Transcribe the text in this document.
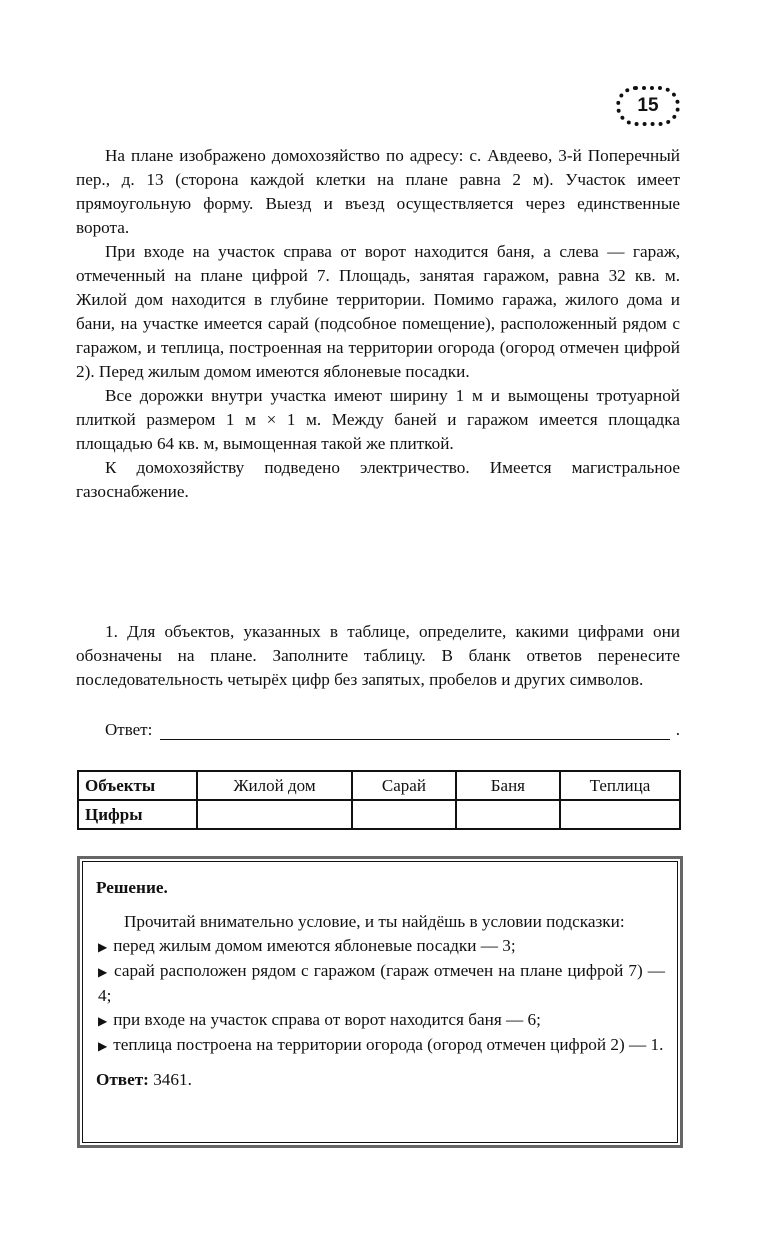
15

На плане изображено домохозяйство по адресу: с. Авдеево, 3-й Поперечный пер., д. 13 (сторона каждой клетки на плане равна 2 м). Участок имеет прямоугольную форму. Выезд и въезд осуществляется через единственные ворота.

При входе на участок справа от ворот находится баня, а слева — гараж, отмеченный на плане цифрой 7. Площадь, занятая гаражом, равна 32 кв. м. Жилой дом находится в глубине территории. Помимо гаража, жилого дома и бани, на участке имеется сарай (подсобное помещение), расположенный рядом с гаражом, и теплица, построенная на территории огорода (огород отмечен цифрой 2). Перед жилым домом имеются яблоневые посадки.

Все дорожки внутри участка имеют ширину 1 м и вымощены тротуарной плиткой размером 1 м × 1 м. Между баней и гаражом имеется площадка площадью 64 кв. м, вымощенная такой же плиткой.

К домохозяйству подведено электричество. Имеется магистральное газоснабжение.

1. Для объектов, указанных в таблице, определите, какими цифрами они обозначены на плане. Заполните таблицу. В бланк ответов перенесите последовательность четырёх цифр без запятых, пробелов и других символов.

Ответ:	.
Объекты	Жилой дом	Сарай	Баня	Теплица
Цифры				
Решение.

Прочитай внимательно условие, и ты найдёшь в условии подсказки:

▶ перед жилым домом имеются яблоневые посадки — 3;

▶ сарай расположен рядом с гаражом (гараж отмечен на плане цифрой 7) — 4;

▶ при входе на участок справа от ворот находится баня — 6;

▶ теплица построена на территории огорода (огород отмечен цифрой 2) — 1.

Ответ: 3461.
